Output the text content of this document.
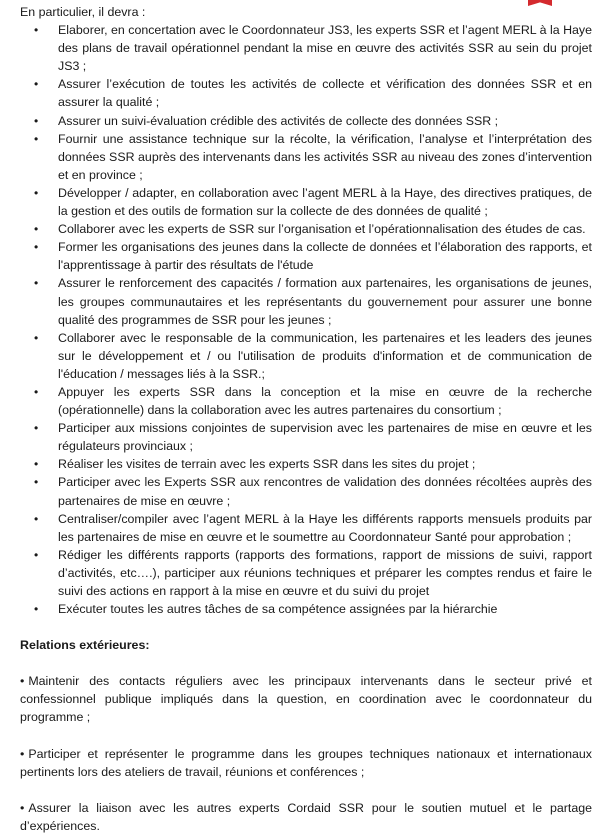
En particulier, il devra :

• Elaborer, en concertation avec le Coordonnateur JS3, les experts SSR et l’agent MERL à la Haye des plans de travail opérationnel pendant la mise en œuvre des activités SSR au sein du projet JS3 ;
• Assurer l’exécution de toutes les activités de collecte et vérification des données SSR et en assurer la qualité ;
• Assurer un suivi-évaluation crédible des activités de collecte des données SSR ;
• Fournir une assistance technique sur la récolte, la vérification, l’analyse et l’interprétation des données SSR auprès des intervenants dans les activités SSR au niveau des zones d’intervention et en province ;
• Développer / adapter, en collaboration avec l’agent MERL à la Haye, des directives pratiques, de la gestion et des outils de formation sur la collecte de des données de qualité ;
• Collaborer avec les experts de SSR sur l’organisation et l’opérationnalisation des études de cas.
• Former les organisations des jeunes dans la collecte de données et l’élaboration des rapports, et l'apprentissage à partir des résultats de l'étude
• Assurer le renforcement des capacités / formation aux partenaires, les organisations de jeunes, les groupes communautaires et les représentants du gouvernement pour assurer une bonne qualité des programmes de SSR pour les jeunes ;
• Collaborer avec le responsable de la communication, les partenaires et les leaders des jeunes sur le développement et / ou l'utilisation de produits d'information et de communication de l'éducation / messages liés à la SSR.;
• Appuyer les experts SSR dans la conception et la mise en œuvre de la recherche (opérationnelle) dans la collaboration avec les autres partenaires du consortium ;
• Participer aux missions conjointes de supervision avec les partenaires de mise en œuvre et les régulateurs provinciaux ;
• Réaliser les visites de terrain avec les experts SSR dans les sites du projet ;
• Participer avec les Experts SSR aux rencontres de validation des données récoltées auprès des partenaires de mise en œuvre ;
• Centraliser/compiler avec l’agent MERL à la Haye les différents rapports mensuels produits par les partenaires de mise en œuvre et le soumettre au Coordonnateur Santé pour approbation ;
• Rédiger les différents rapports (rapports des formations, rapport de missions de suivi, rapport d’activités, etc….), participer aux réunions techniques et préparer les comptes rendus et faire le suivi des actions en rapport à la mise en œuvre et du suivi du projet
• Exécuter toutes les autres tâches de sa compétence assignées par la hiérarchie

Relations extérieures:

• Maintenir des contacts réguliers avec les principaux intervenants dans le secteur privé et confessionnel publique impliqués dans la question, en coordination avec le coordonnateur du programme ;

• Participer et représenter le programme dans les groupes techniques nationaux et internationaux pertinents lors des ateliers de travail, réunions et conférences ;

• Assurer la liaison avec les autres experts Cordaid SSR pour le soutien mutuel et le partage d’expériences.
